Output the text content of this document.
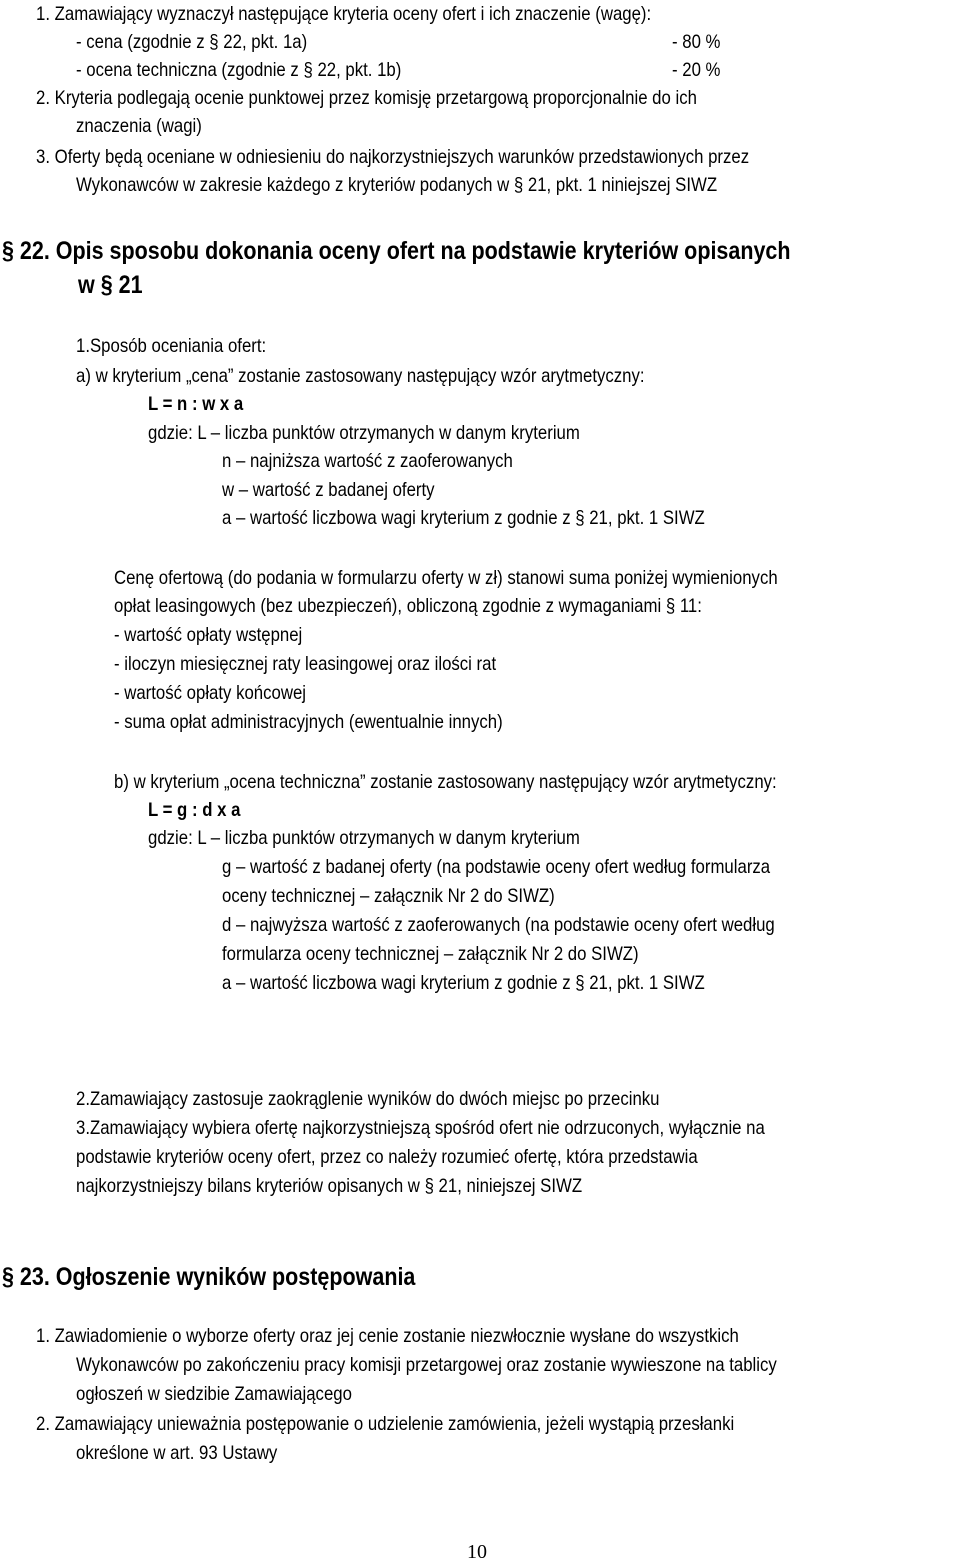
1. Zamawiający wyznaczył następujące kryteria oceny ofert i ich znaczenie (wagę):
- cena (zgodnie z § 22, pkt. 1a)	- 80 %
- ocena techniczna (zgodnie z § 22, pkt. 1b)	- 20 %
2. Kryteria podlegają ocenie punktowej przez komisję przetargową proporcjonalnie do ich
znaczenia (wagi)
3. Oferty będą oceniane w odniesieniu do najkorzystniejszych warunków przedstawionych przez
Wykonawców w zakresie każdego z kryteriów podanych w § 21, pkt. 1 niniejszej SIWZ
§ 22. Opis sposobu dokonania oceny ofert na podstawie kryteriów opisanych
w § 21
1.Sposób oceniania ofert:
a) w kryterium „cena” zostanie zastosowany następujący wzór arytmetyczny:
L = n : w x a
gdzie: L – liczba punktów otrzymanych w danym kryterium
n – najniższa wartość z zaoferowanych
w – wartość z badanej oferty
a – wartość liczbowa wagi kryterium z godnie z § 21, pkt. 1 SIWZ
Cenę ofertową (do podania w formularzu oferty w zł) stanowi suma poniżej wymienionych
opłat leasingowych (bez ubezpieczeń), obliczoną zgodnie z wymaganiami § 11:
- wartość opłaty wstępnej
- iloczyn miesięcznej raty leasingowej oraz ilości rat
- wartość opłaty końcowej
- suma opłat administracyjnych (ewentualnie innych)
b) w kryterium „ocena techniczna” zostanie zastosowany następujący wzór arytmetyczny:
L = g : d x a
gdzie: L – liczba punktów otrzymanych w danym kryterium
g – wartość z badanej oferty (na podstawie oceny ofert według formularza
oceny technicznej – załącznik Nr 2 do SIWZ)
d – najwyższa wartość z zaoferowanych (na podstawie oceny ofert według
formularza oceny technicznej – załącznik Nr 2 do SIWZ)
a – wartość liczbowa wagi kryterium z godnie z § 21, pkt. 1 SIWZ
2.Zamawiający zastosuje zaokrąglenie wyników do dwóch miejsc po przecinku
3.Zamawiający wybiera ofertę najkorzystniejszą spośród ofert nie odrzuconych, wyłącznie na
podstawie kryteriów oceny ofert, przez co należy rozumieć ofertę, która przedstawia
najkorzystniejszy bilans kryteriów opisanych w § 21, niniejszej SIWZ
§ 23. Ogłoszenie wyników postępowania
1. Zawiadomienie o wyborze oferty oraz jej cenie zostanie niezwłocznie wysłane do wszystkich
Wykonawców po zakończeniu pracy komisji przetargowej oraz zostanie wywieszone na tablicy
ogłoszeń w siedzibie Zamawiającego
2. Zamawiający unieważnia postępowanie o udzielenie zamówienia, jeżeli wystąpią przesłanki
określone w art. 93 Ustawy
10
